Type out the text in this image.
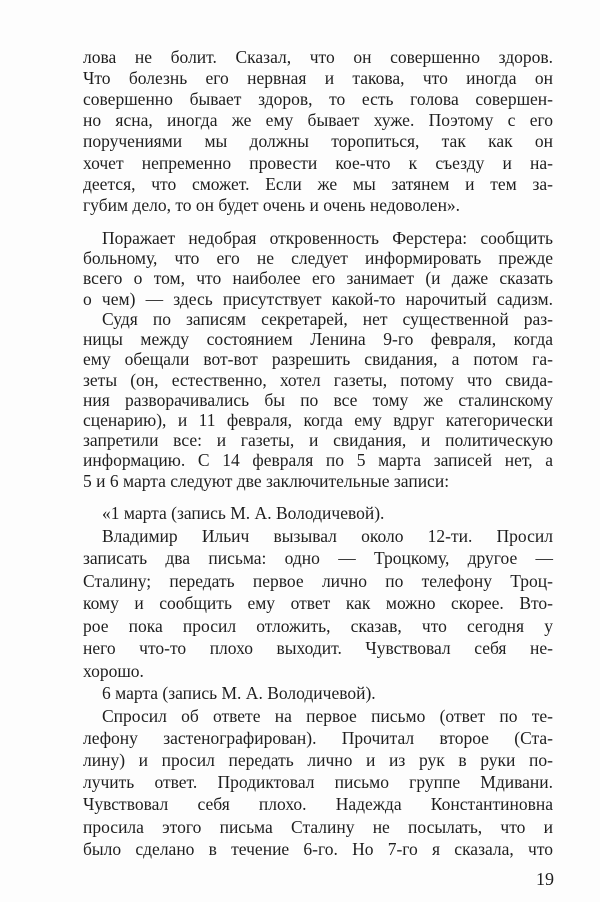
лова не болит. Сказал, что он совершенно здоров.
Что болезнь его нервная и такова, что иногда он
совершенно бывает здоров, то есть голова совершен-
но ясна, иногда же ему бывает хуже. Поэтому с его
поручениями мы должны торопиться, так как он
хочет непременно провести кое-что к съезду и на-
деется, что сможет. Если же мы затянем и тем за-
губим дело, то он будет очень и очень недоволен».
Поражает недобрая откровенность Ферстера: сообщить
больному, что его не следует информировать прежде
всего о том, что наиболее его занимает (и даже сказать
о чем) — здесь присутствует какой-то нарочитый садизм.
Судя по записям секретарей, нет существенной раз-
ницы между состоянием Ленина 9-го февраля, когда
ему обещали вот-вот разрешить свидания, а потом га-
зеты (он, естественно, хотел газеты, потому что свида-
ния разворачивались бы по все тому же сталинскому
сценарию), и 11 февраля, когда ему вдруг категорически
запретили все: и газеты, и свидания, и политическую
информацию. С 14 февраля по 5 марта записей нет, а
5 и 6 марта следуют две заключительные записи:
«1 марта (запись М. А. Володичевой).
Владимир Ильич вызывал около 12-ти. Просил
записать два письма: одно — Троцкому, другое —
Сталину; передать первое лично по телефону Троц-
кому и сообщить ему ответ как можно скорее. Вто-
рое пока просил отложить, сказав, что сегодня у
него что-то плохо выходит. Чувствовал себя не-
хорошо.
6 марта (запись М. А. Володичевой).
Спросил об ответе на первое письмо (ответ по те-
лефону застенографирован). Прочитал второе (Ста-
лину) и просил передать лично и из рук в руки по-
лучить ответ. Продиктовал письмо группе Мдивани.
Чувствовал себя плохо. Надежда Константиновна
просила этого письма Сталину не посылать, что и
было сделано в течение 6-го. Но 7-го я сказала, что
19
